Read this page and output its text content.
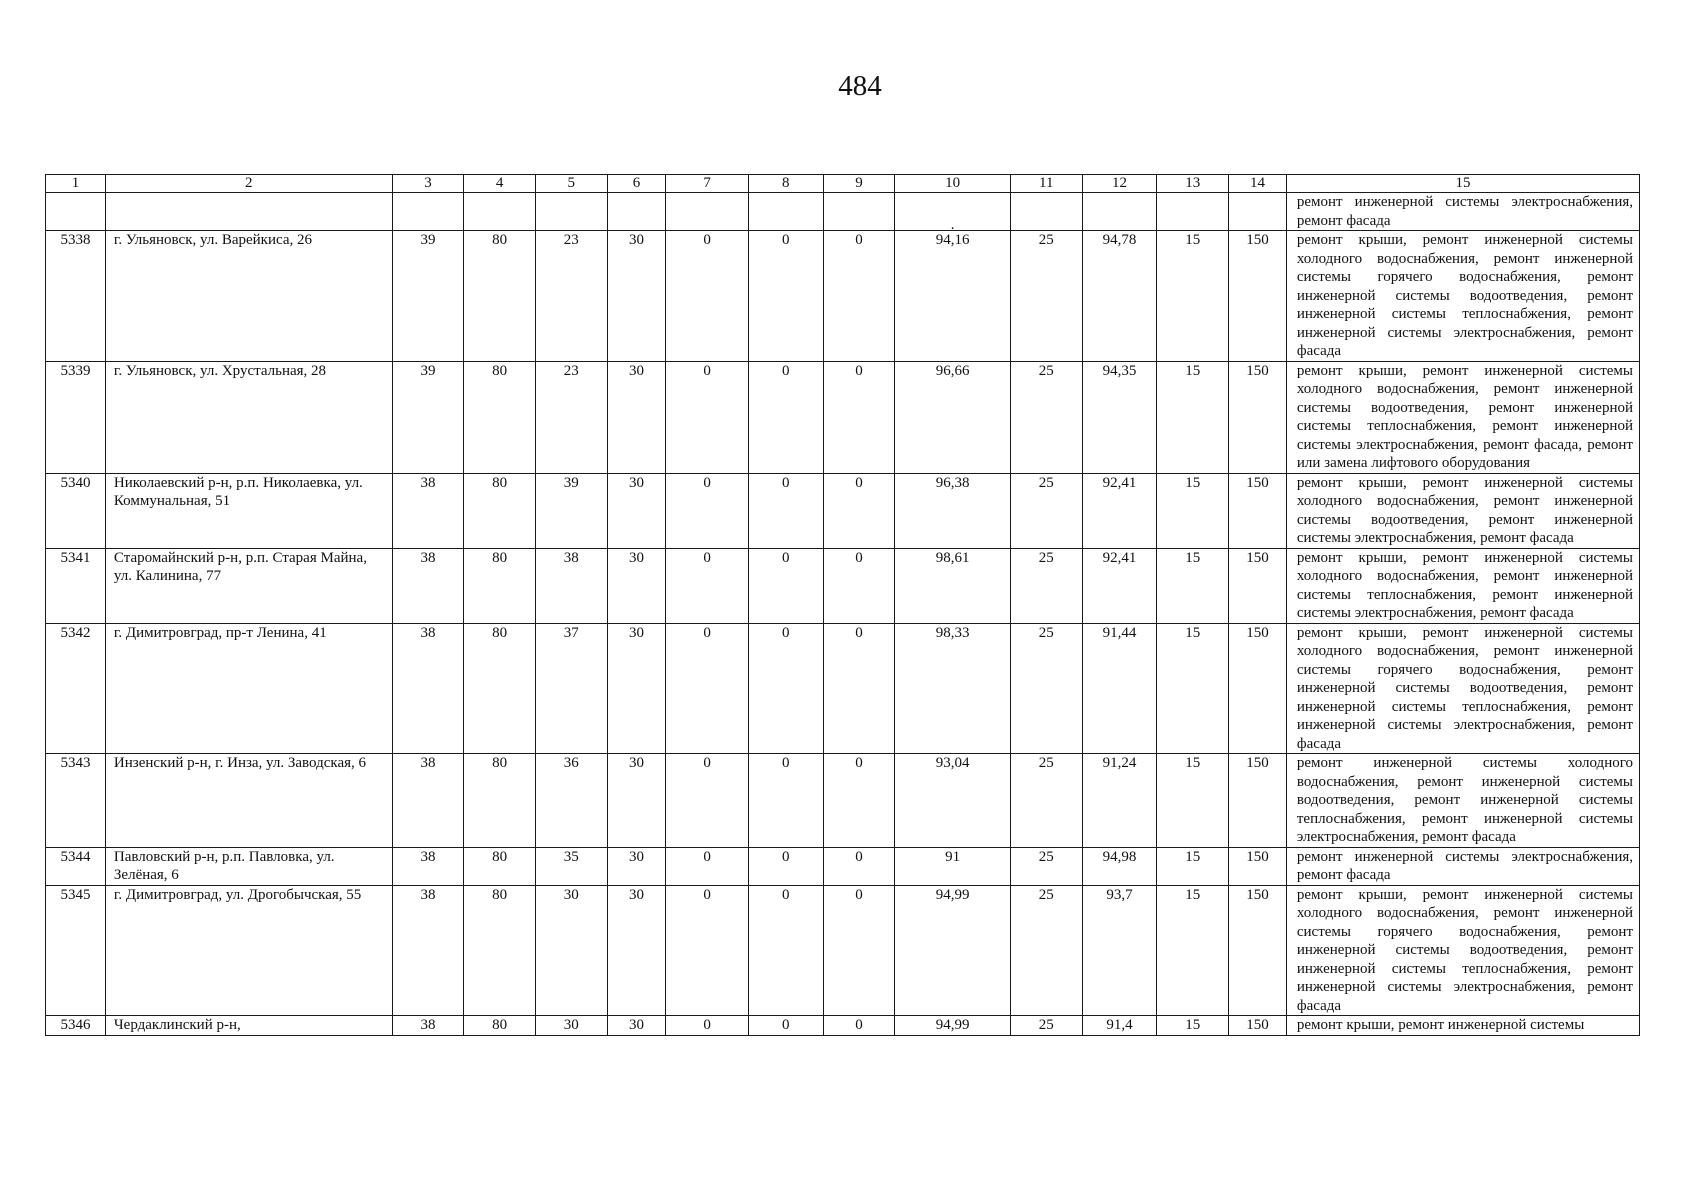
484
1	2	3	4	5	6	7	8	9	10	11	12	13	14	15
									.					ремонт инженерной системы электроснабжения, ремонт фасада
5338	г. Ульяновск, ул. Варейкиса, 26	39	80	23	30	0	0	0	94,16	25	94,78	15	150	ремонт крыши, ремонт инженерной системы холодного водоснабжения, ремонт инженерной системы горячего водоснабжения, ремонт инженерной системы водоотведения, ремонт инженерной системы теплоснабжения, ремонт инженерной системы электроснабжения, ремонт фасада
5339	г. Ульяновск, ул. Хрустальная, 28	39	80	23	30	0	0	0	96,66	25	94,35	15	150	ремонт крыши, ремонт инженерной системы холодного водоснабжения, ремонт инженерной системы водоотведения, ремонт инженерной системы теплоснабжения, ремонт инженерной системы электроснабжения, ремонт фасада, ремонт или замена лифтового оборудования
5340	Николаевский р-н, р.п. Николаевка, ул. Коммунальная, 51	38	80	39	30	0	0	0	96,38	25	92,41	15	150	ремонт крыши, ремонт инженерной системы холодного водоснабжения, ремонт инженерной системы водоотведения, ремонт инженерной системы электроснабжения, ремонт фасада
5341	Старомайнский р-н, р.п. Старая Майна, ул. Калинина, 77	38	80	38	30	0	0	0	98,61	25	92,41	15	150	ремонт крыши, ремонт инженерной системы холодного водоснабжения, ремонт инженерной системы теплоснабжения, ремонт инженерной системы электроснабжения, ремонт фасада
5342	г. Димитровград, пр-т Ленина, 41	38	80	37	30	0	0	0	98,33	25	91,44	15	150	ремонт крыши, ремонт инженерной системы холодного водоснабжения, ремонт инженерной системы горячего водоснабжения, ремонт инженерной системы водоотведения, ремонт инженерной системы теплоснабжения, ремонт инженерной системы электроснабжения, ремонт фасада
5343	Инзенский р-н, г. Инза, ул. Заводская, 6	38	80	36	30	0	0	0	93,04	25	91,24	15	150	ремонт инженерной системы холодного водоснабжения, ремонт инженерной системы водоотведения, ремонт инженерной системы теплоснабжения, ремонт инженерной системы электроснабжения, ремонт фасада
5344	Павловский р-н, р.п. Павловка, ул. Зелёная, 6	38	80	35	30	0	0	0	91	25	94,98	15	150	ремонт инженерной системы электроснабжения, ремонт фасада
5345	г. Димитровград, ул. Дрогобычская, 55	38	80	30	30	0	0	0	94,99	25	93,7	15	150	ремонт крыши, ремонт инженерной системы холодного водоснабжения, ремонт инженерной системы горячего водоснабжения, ремонт инженерной системы водоотведения, ремонт инженерной системы теплоснабжения, ремонт инженерной системы электроснабжения, ремонт фасада
5346	Чердаклинский р-н,	38	80	30	30	0	0	0	94,99	25	91,4	15	150	ремонт крыши, ремонт инженерной системы
